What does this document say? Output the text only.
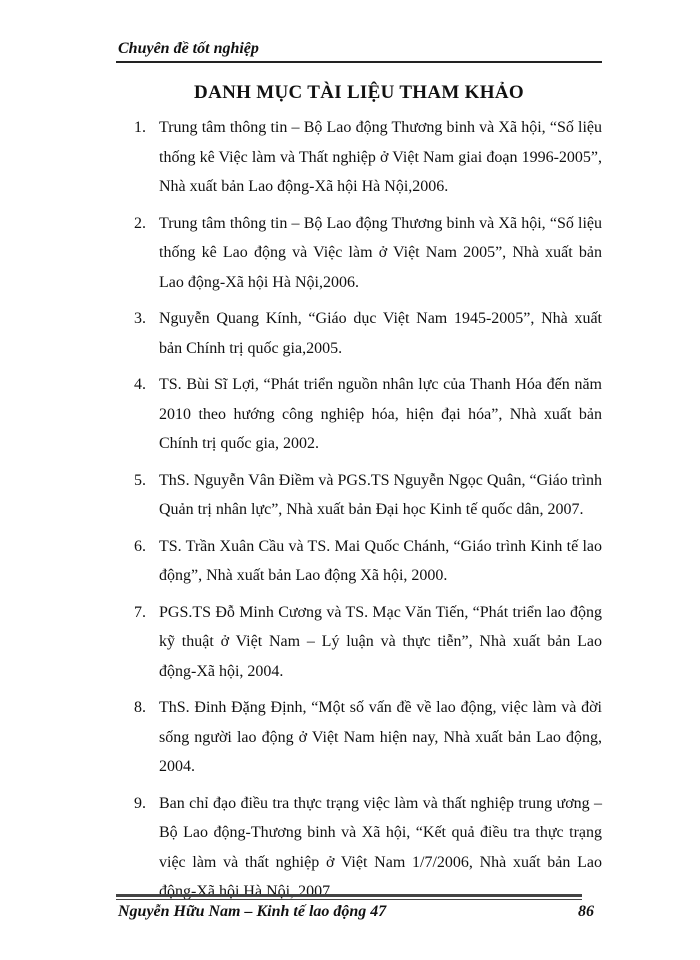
Chuyên đề tốt nghiệp
DANH MỤC TÀI LIỆU THAM KHẢO
1. Trung tâm thông tin – Bộ Lao động Thương binh và Xã hội, “Số liệu thống kê Việc làm và Thất nghiệp ở Việt Nam giai đoạn 1996-2005”, Nhà xuất bản Lao động-Xã hội Hà Nội,2006.
2. Trung tâm thông tin – Bộ Lao động Thương binh và Xã hội, “Số liệu thống kê Lao động và Việc làm ở Việt Nam 2005”, Nhà xuất bản Lao động-Xã hội Hà Nội,2006.
3. Nguyễn Quang Kính, “Giáo dục Việt Nam 1945-2005”, Nhà xuất bản Chính trị quốc gia,2005.
4. TS. Bùi Sĩ Lợi, “Phát triển nguồn nhân lực của Thanh Hóa đến năm 2010 theo hướng công nghiệp hóa, hiện đại hóa”, Nhà xuất bản Chính trị quốc gia, 2002.
5. ThS. Nguyễn Vân Điềm và PGS.TS Nguyễn Ngọc Quân, “Giáo trình Quản trị nhân lực”, Nhà xuất bản Đại học Kinh tế quốc dân, 2007.
6. TS. Trần Xuân Cầu và TS. Mai Quốc Chánh, “Giáo trình Kinh tế lao động”, Nhà xuất bản Lao động Xã hội, 2000.
7. PGS.TS Đỗ Minh Cương và TS. Mạc Văn Tiến, “Phát triển lao động kỹ thuật ở Việt Nam – Lý luận và thực tiễn”, Nhà xuất bản Lao động-Xã hội, 2004.
8. ThS. Đinh Đặng Định, “Một số vấn đề về lao động, việc làm và đời sống người lao động ở Việt Nam hiện nay, Nhà xuất bản Lao động, 2004.
9. Ban chỉ đạo điều tra thực trạng việc làm và thất nghiệp trung ương – Bộ Lao động-Thương binh và Xã hội, “Kết quả điều tra thực trạng việc làm và thất nghiệp ở Việt Nam 1/7/2006, Nhà xuất bản Lao động-Xã hội Hà Nội, 2007.
Nguyễn Hữu Nam – Kinh tế lao động 47	86
